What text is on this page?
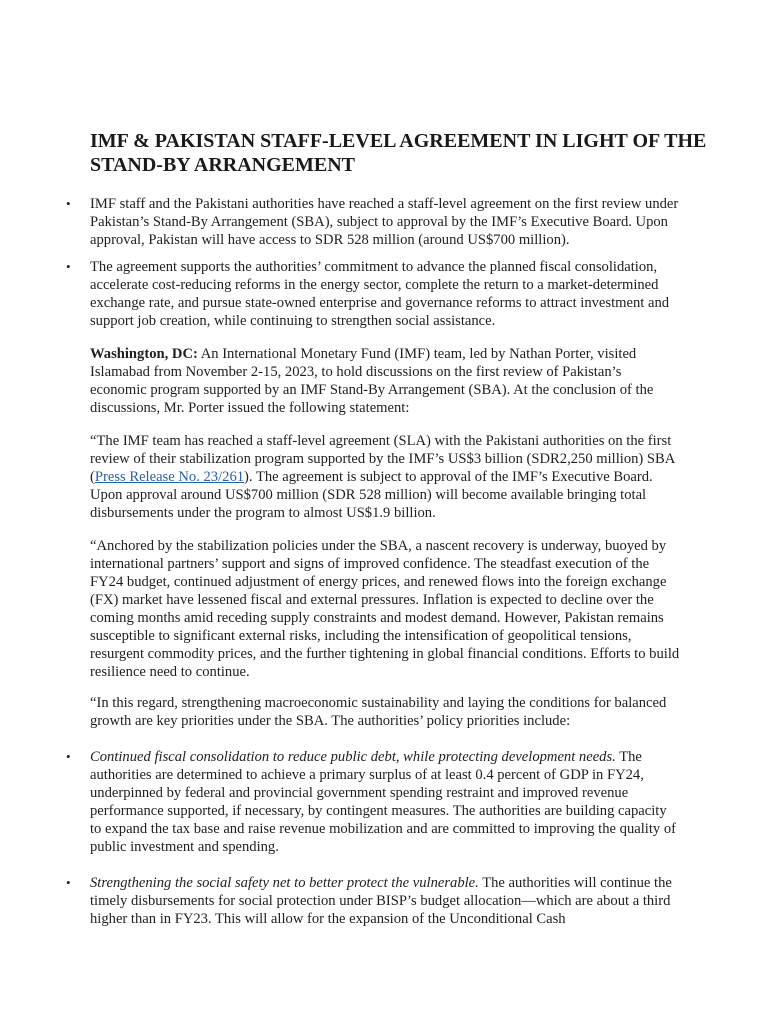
IMF & PAKISTAN STAFF-LEVEL AGREEMENT IN LIGHT OF THE STAND-BY ARRANGEMENT
• IMF staff and the Pakistani authorities have reached a staff-level agreement on the first review under Pakistan’s Stand-By Arrangement (SBA), subject to approval by the IMF’s Executive Board. Upon approval, Pakistan will have access to SDR 528 million (around US$700 million).

• The agreement supports the authorities’ commitment to advance the planned fiscal consolidation, accelerate cost-reducing reforms in the energy sector, complete the return to a market-determined exchange rate, and pursue state-owned enterprise and governance reforms to attract investment and support job creation, while continuing to strengthen social assistance.

Washington, DC: An International Monetary Fund (IMF) team, led by Nathan Porter, visited Islamabad from November 2-15, 2023, to hold discussions on the first review of Pakistan’s economic program supported by an IMF Stand-By Arrangement (SBA). At the conclusion of the discussions, Mr. Porter issued the following statement:

“The IMF team has reached a staff-level agreement (SLA) with the Pakistani authorities on the first review of their stabilization program supported by the IMF’s US$3 billion (SDR2,250 million) SBA (Press Release No. 23/261). The agreement is subject to approval of the IMF’s Executive Board. Upon approval around US$700 million (SDR 528 million) will become available bringing total disbursements under the program to almost US$1.9 billion.

“Anchored by the stabilization policies under the SBA, a nascent recovery is underway, buoyed by international partners’ support and signs of improved confidence. The steadfast execution of the FY24 budget, continued adjustment of energy prices, and renewed flows into the foreign exchange (FX) market have lessened fiscal and external pressures. Inflation is expected to decline over the coming months amid receding supply constraints and modest demand. However, Pakistan remains susceptible to significant external risks, including the intensification of geopolitical tensions, resurgent commodity prices, and the further tightening in global financial conditions. Efforts to build resilience need to continue.

“In this regard, strengthening macroeconomic sustainability and laying the conditions for balanced growth are key priorities under the SBA. The authorities’ policy priorities include:

• Continued fiscal consolidation to reduce public debt, while protecting development needs. The authorities are determined to achieve a primary surplus of at least 0.4 percent of GDP in FY24, underpinned by federal and provincial government spending restraint and improved revenue performance supported, if necessary, by contingent measures. The authorities are building capacity to expand the tax base and raise revenue mobilization and are committed to improving the quality of public investment and spending.

• Strengthening the social safety net to better protect the vulnerable. The authorities will continue the timely disbursements for social protection under BISP’s budget allocation—which are about a third higher than in FY23. This will allow for the expansion of the Unconditional Cash
